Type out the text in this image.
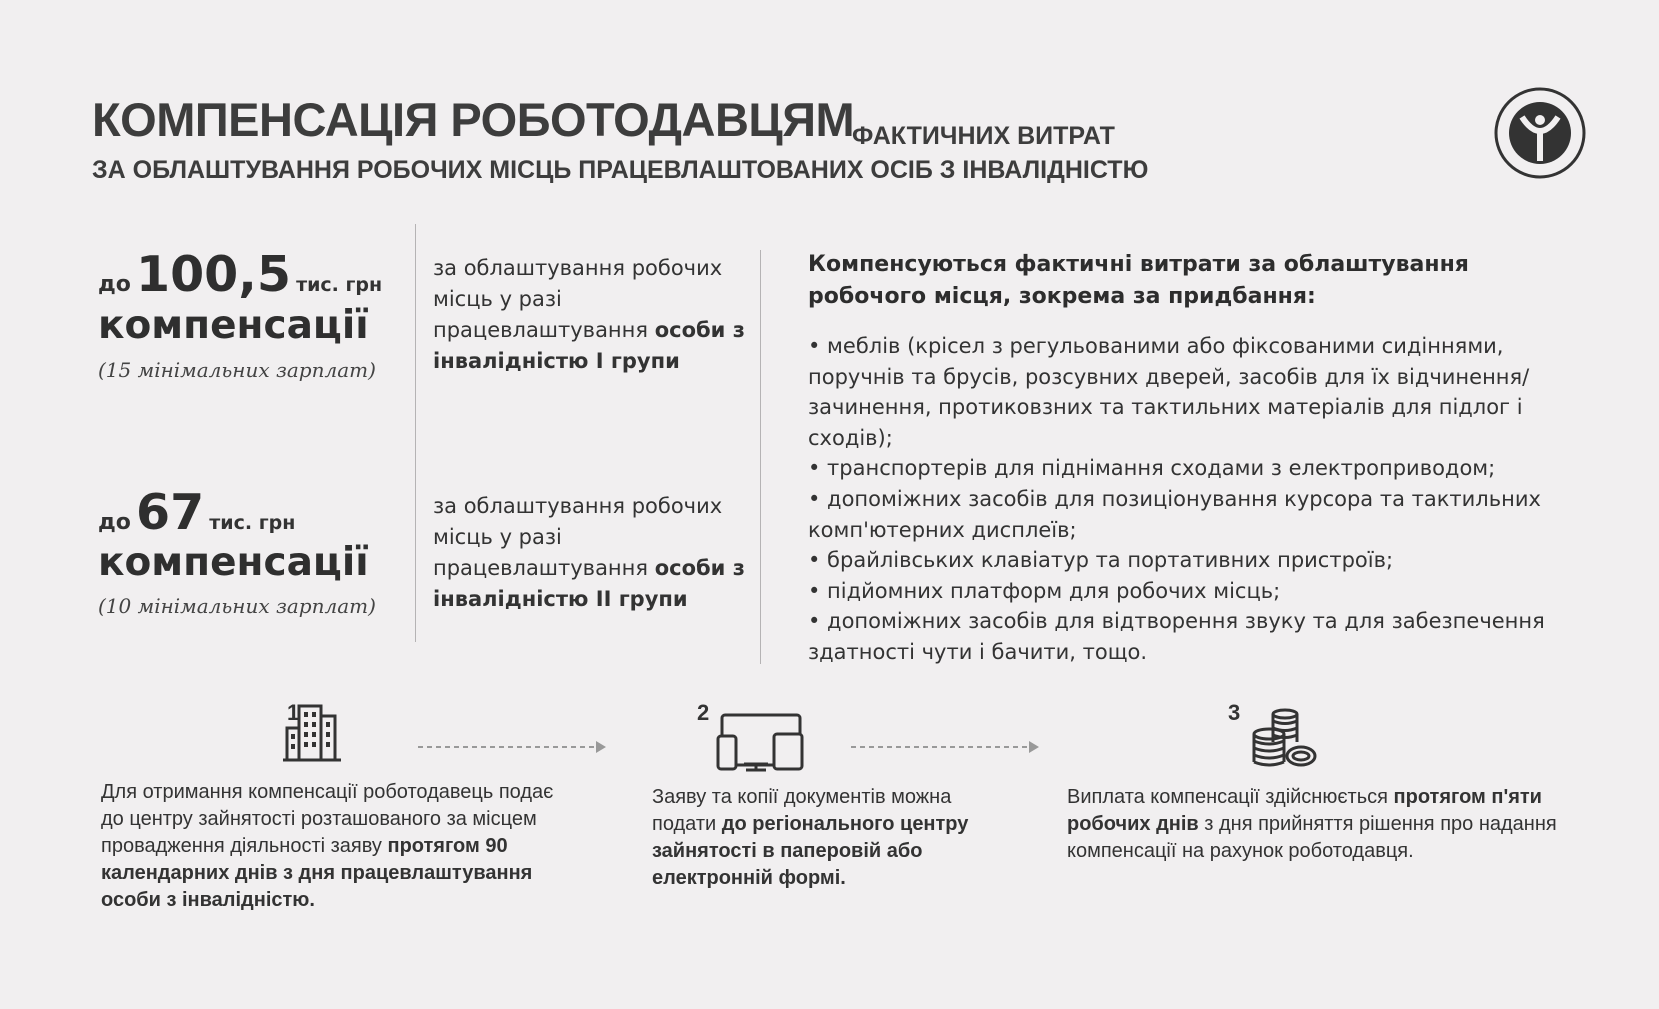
КОМПЕНСАЦІЯ РОБОТОДАВЦЯМ
ФАКТИЧНИХ ВИТРАТ
ЗА ОБЛАШТУВАННЯ РОБОЧИХ МІСЦЬ ПРАЦЕВЛАШТОВАНИХ ОСІБ З ІНВАЛІДНІСТЮ
до 100,5 тис. грн
компенсації
(15 мінімальних зарплат)
за облаштування робочих місць у разі працевлаштування особи з інвалідністю I групи
до 67 тис. грн
компенсації
(10 мінімальних зарплат)
за облаштування робочих місць у разі працевлаштування особи з інвалідністю II групи
Компенсуються фактичні витрати за облаштування робочого місця, зокрема за придбання:
• меблів (крісел з регульованими або фіксованими сидіннями, поручнів та брусів, розсувних дверей, засобів для їх відчинення/зачинення, протиковзних та тактильних матеріалів для підлог і сходів);
• транспортерів для піднімання сходами з електроприводом;
• допоміжних засобів для позиціонування курсора та тактильних комп'ютерних дисплеїв;
• брайлівських клавіатур та портативних пристроїв;
• підйомних платформ для робочих місць;
• допоміжних засобів для відтворення звуку та для забезпечення здатності чути і бачити, тощо.
1
Для отримання компенсації роботодавець подає до центру зайнятості розташованого за місцем провадження діяльності заяву протягом 90 календарних днів з дня працевлаштування особи з інвалідністю.
2
Заяву та копії документів можна подати до регіонального центру зайнятості в паперовій або електронній формі.
3
Виплата компенсації здійснюється протягом п'яти робочих днів з дня прийняття рішення про надання компенсації на рахунок роботодавця.
